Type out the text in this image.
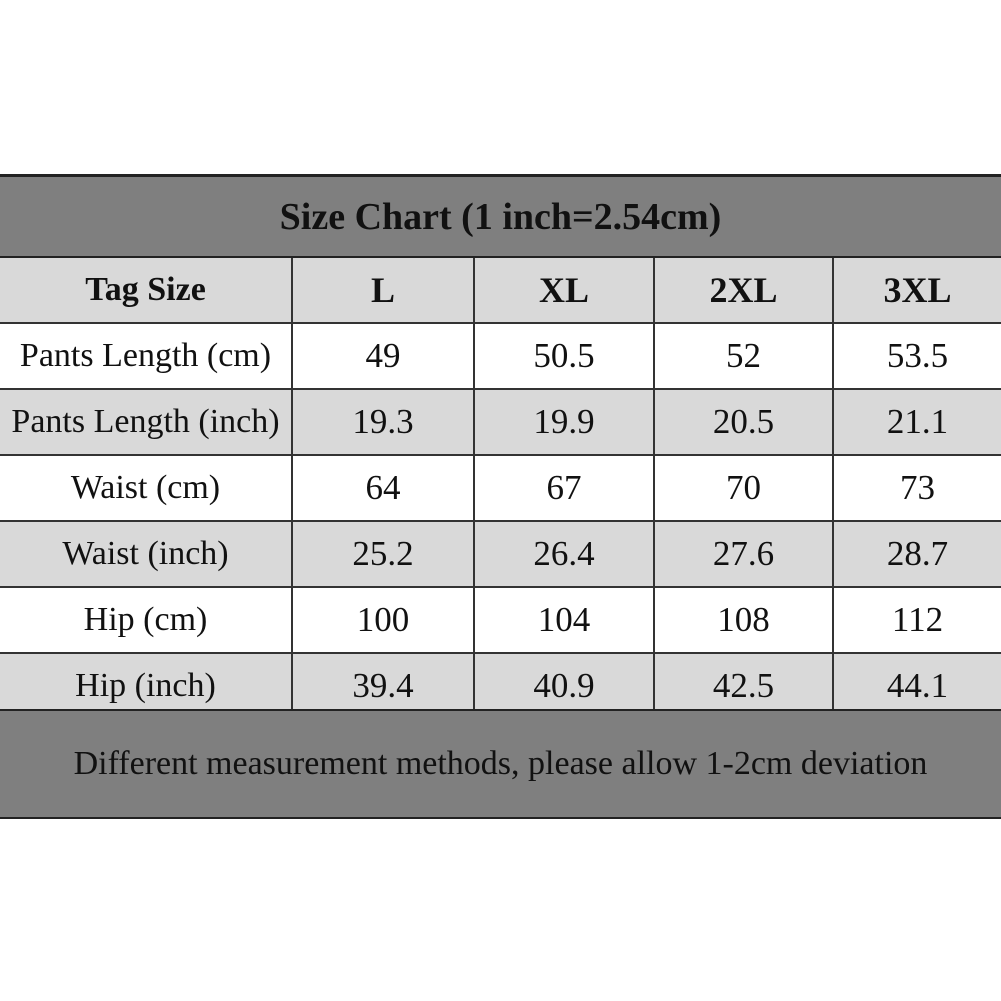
Size Chart (1 inch=2.54cm)
Tag Size	L	XL	2XL	3XL
Pants Length (cm)	49	50.5	52	53.5
Pants Length (inch)	19.3	19.9	20.5	21.1
Waist (cm)	64	67	70	73
Waist (inch)	25.2	26.4	27.6	28.7
Hip (cm)	100	104	108	112
Hip (inch)	39.4	40.9	42.5	44.1
Different measurement methods, please allow 1-2cm deviation
